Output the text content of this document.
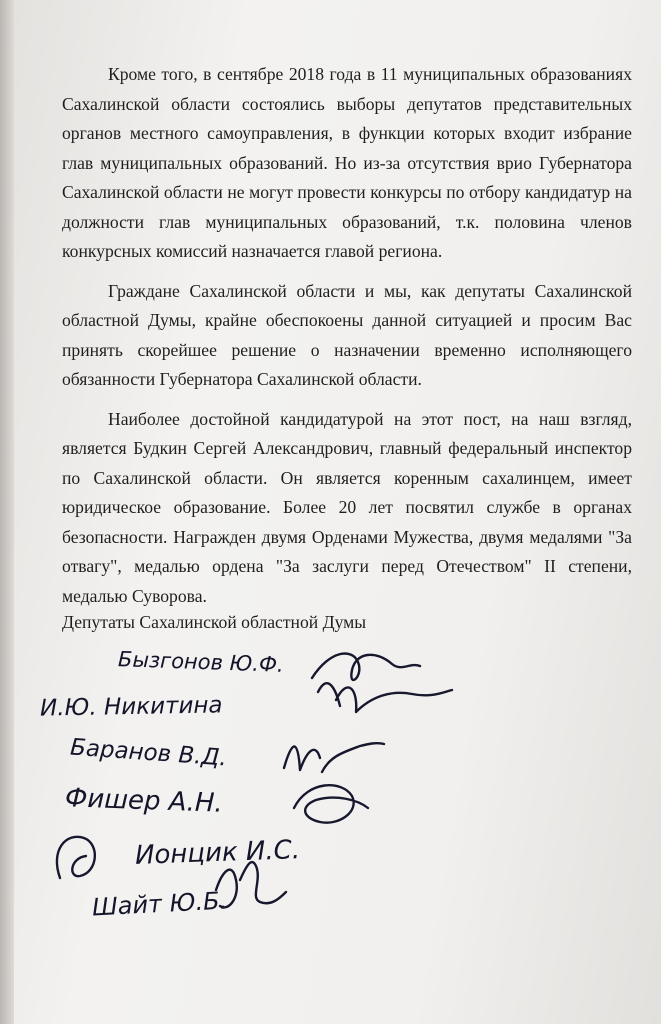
Кроме того, в сентябре 2018 года в 11 муниципальных образованиях Сахалинской области состоялись выборы депутатов представительных органов местного самоуправления, в функции которых входит избрание глав муниципальных образований. Но из-за отсутствия врио Губернатора Сахалинской области не могут провести конкурсы по отбору кандидатур на должности глав муниципальных образований, т.к. половина членов конкурсных комиссий назначается главой региона.

Граждане Сахалинской области и мы, как депутаты Сахалинской областной Думы, крайне обеспокоены данной ситуацией и просим Вас принять скорейшее решение о назначении временно исполняющего обязанности Губернатора Сахалинской области.

Наиболее достойной кандидатурой на этот пост, на наш взгляд, является Будкин Сергей Александрович, главный федеральный инспектор по Сахалинской области. Он является коренным сахалинцем, имеет юридическое образование. Более 20 лет посвятил службе в органах безопасности. Награжден двумя Орденами Мужества, двумя медалями "За отвагу", медалью ордена "За заслуги перед Отечеством" II степени, медалью Суворова.

Депутаты Сахалинской областной Думы
Бызгонов Ю.Ф.
И.Ю. Никитина
Баранов В.Д.
Фишер А.Н.
Ионцик И.С.
Шайт Ю.Б.
